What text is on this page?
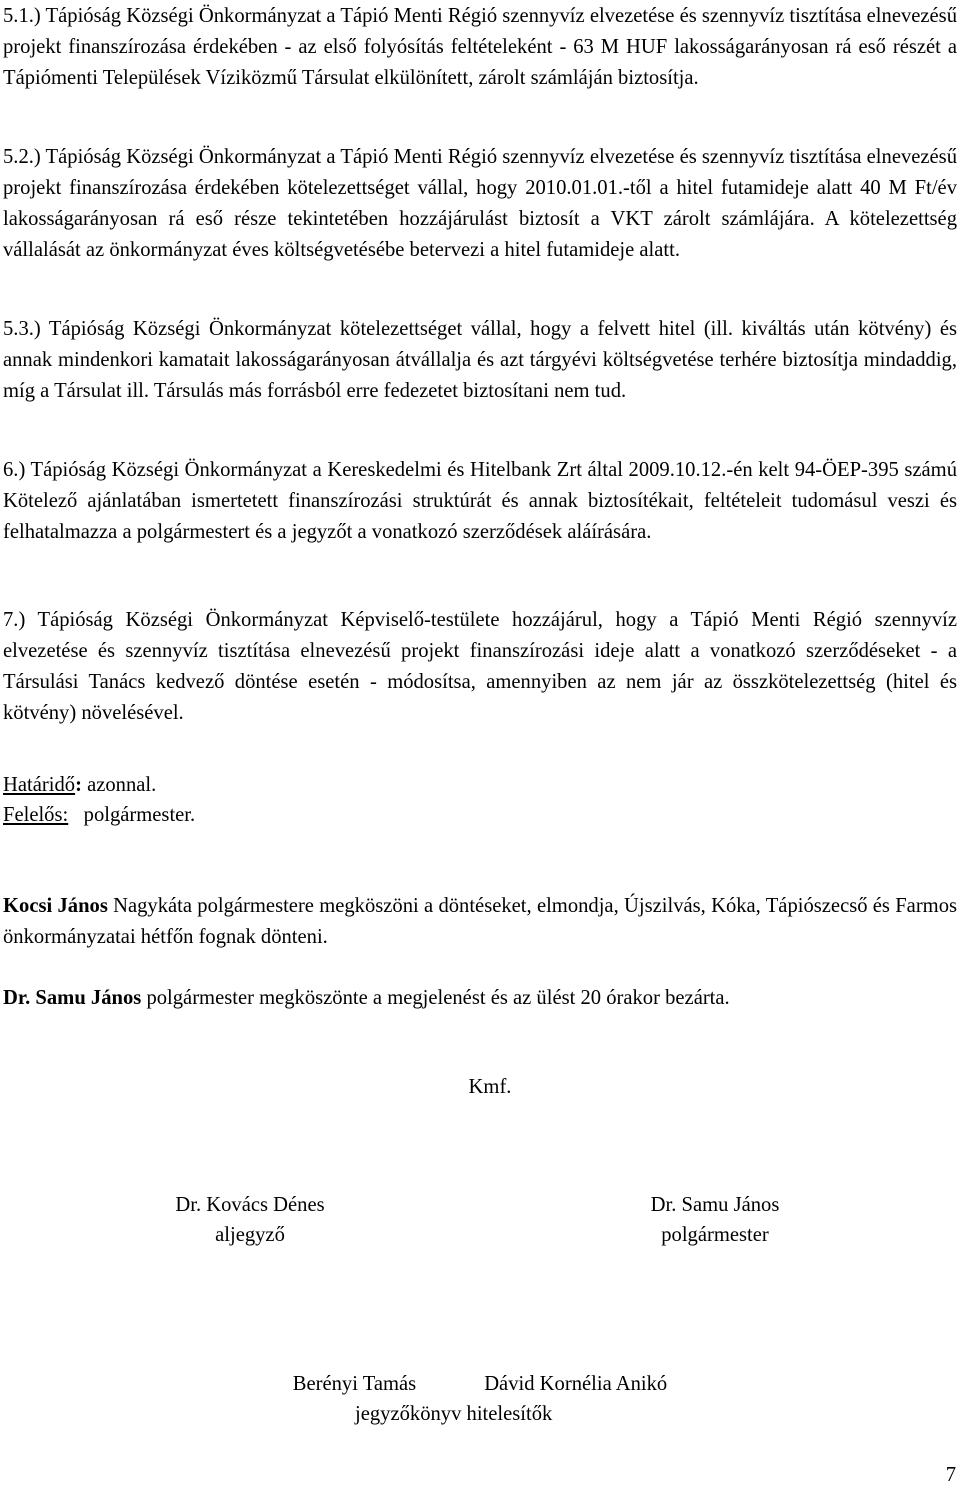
5.1.) Tápióság Községi Önkormányzat a Tápió Menti Régió szennyvíz elvezetése és szennyvíz tisztítása elnevezésű projekt finanszírozása érdekében - az első folyósítás feltételeként - 63 M HUF lakosságarányosan rá eső részét a Tápiómenti Települések Víziközmű Társulat elkülönített, zárolt számláján biztosítja.

5.2.) Tápióság Községi Önkormányzat a Tápió Menti Régió szennyvíz elvezetése és szennyvíz tisztítása elnevezésű projekt finanszírozása érdekében kötelezettséget vállal, hogy 2010.01.01.-től a hitel futamideje alatt 40 M Ft/év lakosságarányosan rá eső része tekintetében hozzájárulást biztosít a VKT zárolt számlájára. A kötelezettség vállalását az önkormányzat éves költségvetésébe betervezi a hitel futamideje alatt.

5.3.) Tápióság Községi Önkormányzat kötelezettséget vállal, hogy a felvett hitel (ill. kiváltás után kötvény) és annak mindenkori kamatait lakosságarányosan átvállalja és azt tárgyévi költségvetése terhére biztosítja mindaddig, míg a Társulat ill. Társulás más forrásból erre fedezetet biztosítani nem tud.

6.) Tápióság Községi Önkormányzat a Kereskedelmi és Hitelbank Zrt által 2009.10.12.-én kelt 94-ÖEP-395 számú Kötelező ajánlatában ismertetett finanszírozási struktúrát és annak biztosítékait, feltételeit tudomásul veszi és felhatalmazza a polgármestert és a jegyzőt a vonatkozó szerződések aláírására.

7.) Tápióság Községi Önkormányzat Képviselő-testülete hozzájárul, hogy a Tápió Menti Régió szennyvíz elvezetése és szennyvíz tisztítása elnevezésű projekt finanszírozási ideje alatt a vonatkozó szerződéseket - a Társulási Tanács kedvező döntése esetén - módosítsa, amennyiben az nem jár az összkötelezettség (hitel és kötvény) növelésével.

Határidő: azonnal.

Felelős:   polgármester.

Kocsi János Nagykáta polgármestere megköszöni a döntéseket, elmondja, Újszilvás, Kóka, Tápiószecső és Farmos önkormányzatai hétfőn fognak dönteni.

Dr. Samu János polgármester megköszönte a megjelenést és az ülést 20 órakor bezárta.

Kmf.

Dr. Kovács Dénes
aljegyző
Dr. Samu János
polgármester
Berényi Tamás	Dávid Kornélia Anikó
jegyzőkönyv hitelesítők

7
